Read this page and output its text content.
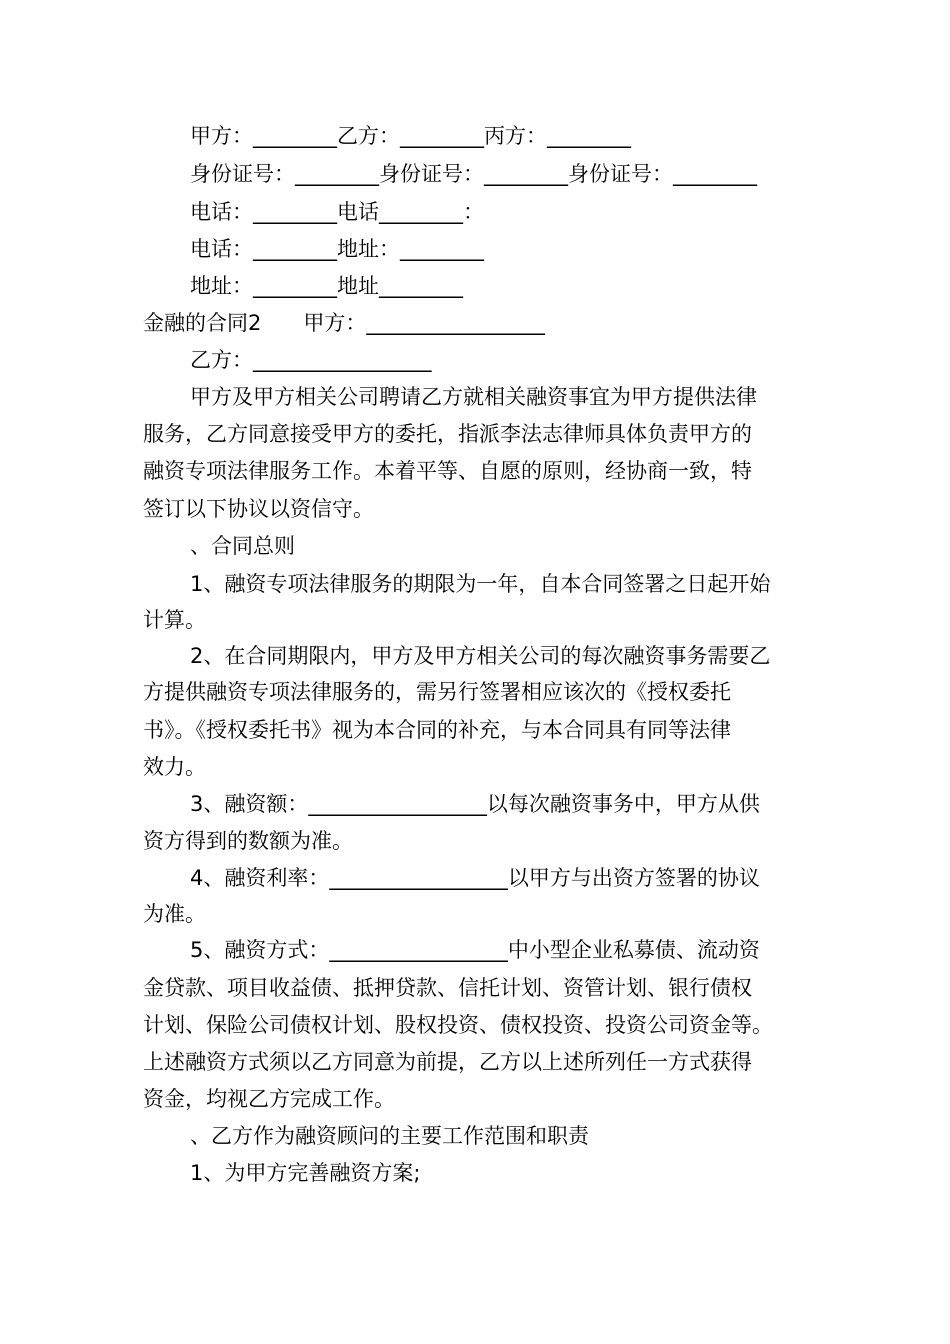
甲方：________乙方：________丙方：________
身份证号：________身份证号：________身份证号：________
电话：________电话________：
电话：________地址：________
地址：________地址________
金融的合同2　　甲方：_________________
乙方：_________________
甲方及甲方相关公司聘请乙方就相关融资事宜为甲方提供法律
服务，乙方同意接受甲方的委托，指派李法志律师具体负责甲方的
融资专项法律服务工作。本着平等、自愿的原则，经协商一致，特
签订以下协议以资信守。
、合同总则
1、融资专项法律服务的期限为一年，自本合同签署之日起开始
计算。
2、在合同期限内，甲方及甲方相关公司的每次融资事务需要乙
方提供融资专项法律服务的，需另行签署相应该次的《授权委托
书》。《授权委托书》视为本合同的补充，与本合同具有同等法律
效力。
3、融资额：_________________以每次融资事务中，甲方从供
资方得到的数额为准。
4、融资利率：_________________以甲方与出资方签署的协议
为准。
5、融资方式：_________________中小型企业私募债、流动资
金贷款、项目收益债、抵押贷款、信托计划、资管计划、银行债权
计划、保险公司债权计划、股权投资、债权投资、投资公司资金等。
上述融资方式须以乙方同意为前提，乙方以上述所列任一方式获得
资金，均视乙方完成工作。
、乙方作为融资顾问的主要工作范围和职责
1、为甲方完善融资方案;
